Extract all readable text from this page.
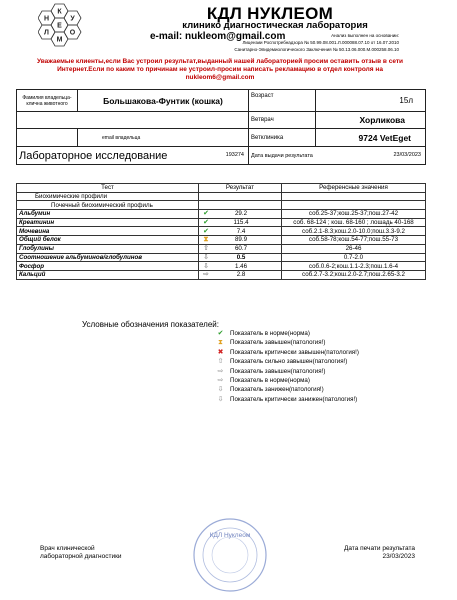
Н	У
К
Л
Е
О
М
КДЛ НУКЛЕОМ
клинико диагностическая лаборатория
e-mail: nukleom@gmail.com	Анализ выполнен на основании:
Лицензии Роспотребнадзора № 50.99.08.001.Л.000088.07.10 от 16.07.2010
Санитарно-Эпидемиологического Заключения № 50.13.06.000.М.000258.06.10
Уважаемые клиенты,если Вас устроил результат,выданный нашей лабораторией просим оставить отзыв в сети
Интернет.Если по каким то причинам не устроил-просим написать рекламацию в отдел контроля на
nukleom6@gmail.com
Фамилия владельца-клична животного	Большакова-Фунтик (кошка)	Возраст	15л
		Ветврач	Хорликова
	email владельца	Ветклиника	9724 VetEget
Лабораторное исследование 193274		Дата выдачи результата 23/03/2023	
Тест	Результат	Референсные значения
Биохимические профили		
Почечный биохимический профиль		
Альбумин	✔ 29.2	соб.25-37;кош.25-37;пош.27-42
Креатинин	✔ 115.4	соб. 68-124 ; кош. 68-160 ; лошадь 40-168
Мочевина	✔ 7.4	соб.2.1-8.3;кош.2.0-10.0;пош.3.3-9.2
Общий белок	⧗ 89.9	соб.58-78;кош.54-77;пош.55-73
Глобулины	⇧ 60.7	26-46
Соотношение альбуминов/глобулинов	⇩ 0.5	0.7-2.0
Фосфор	⇩ 1.46	соб.0.6-2;кош.1.1-2.3;пош.1.6-4
Кальций	⇨ 2.8	соб.2.7-3.2;кош.2.0-2.7;пош.2.65-3.2
Условные обозначения показателей:
✔ Показатель в норме(норма)
⧗ Показатель завышен(патология!)
✖ Показатель критически завышен(патология!)
⇧ Показатель сильно завышен(патология!)
⇨ Показатель завышен(патология!)
⇨ Показатель в норме(норма)
⇩ Показатель занижен(патология!)
⇩ Показатель критически занижен(патология!)
Врач клинической
лабораторной диагностики
Дата печати результата
23/03/2023
КДЛ Нуклеом
